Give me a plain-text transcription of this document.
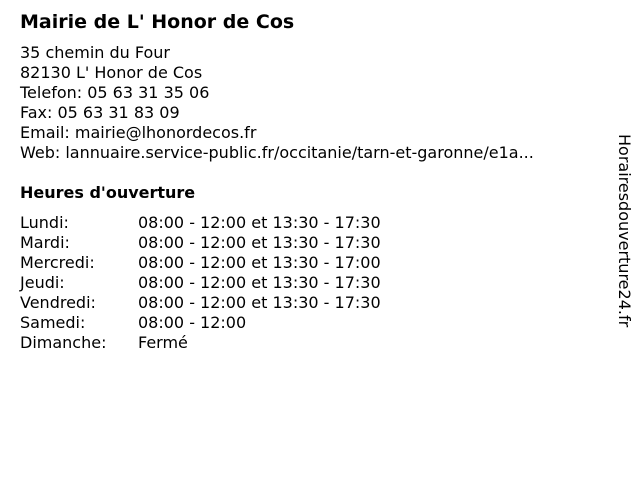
Mairie de L' Honor de Cos
35 chemin du Four
82130 L' Honor de Cos
Telefon: 05 63 31 35 06
Fax: 05 63 31 83 09
Email: mairie@lhonordecos.fr
Web: lannuaire.service-public.fr/occitanie/tarn-et-garonne/e1a...
Heures d'ouverture
Lundi:	08:00 - 12:00 et 13:30 - 17:30
Mardi:	08:00 - 12:00 et 13:30 - 17:30
Mercredi:	08:00 - 12:00 et 13:30 - 17:00
Jeudi:	08:00 - 12:00 et 13:30 - 17:30
Vendredi:	08:00 - 12:00 et 13:30 - 17:30
Samedi:	08:00 - 12:00
Dimanche: Fermé
Horairesdouverture24.fr
